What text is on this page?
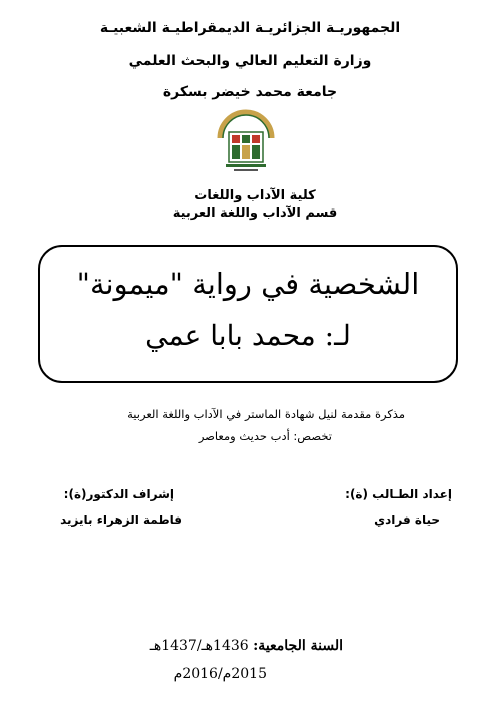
الجمهوريـة الجزائريـة الديمقراطيـة الشعبيـة
وزارة التعليم العالي والبحث العلمي
جامعة محمد خيضر بسكرة
كلية الآداب واللغات
قسم الآداب واللغة العربية
الشخصية في رواية "ميمونة"
لـ: محمد بابا عمي
مذكرة مقدمة لنيل شهادة الماستر في الآداب واللغة العربية
تخصص: أدب حديث ومعاصر
إعداد الطـالب (ة):
حياة فرادي
إشراف الدكتور(ة):
فاطمة الزهراء بايزيد
السنة الجامعية: 1436هـ/1437هـ
2015م/2016م
